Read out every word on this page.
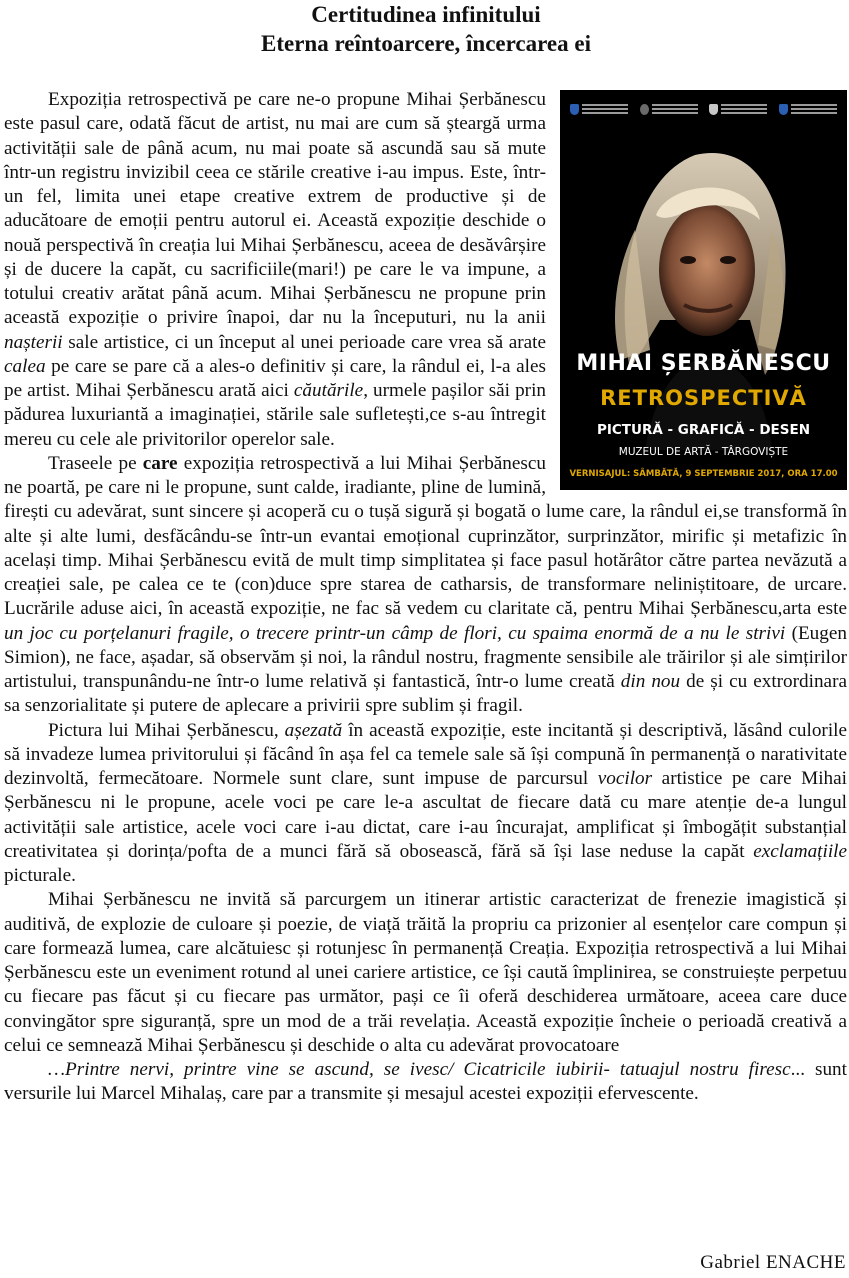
Certitudinea infinitului
Eterna reîntoarcere, încercarea ei
MIHAI ȘERBĂNESCU
RETROSPECTIVĂ
PICTURĂ - GRAFICĂ - DESEN
MUZEUL DE ARTĂ - TÂRGOVIȘTE
VERNISAJUL: SÂMBĂTĂ, 9 SEPTEMBRIE 2017, ORA 17.00

Expoziția retrospectivă pe care ne-o propune Mihai Șerbănescu este pasul care, odată făcut de artist, nu mai are cum să șteargă urma activității sale de până acum, nu mai poate să ascundă sau să mute într-un registru invizibil ceea ce stările creative i-au impus. Este, într-un fel, limita unei etape creative extrem de productive și de aducătoare de emoții pentru autorul ei. Această expoziție deschide o nouă perspectivă în creația lui Mihai Șerbănescu, aceea de desăvârșire și de ducere la capăt, cu sacrificiile(mari!) pe care le va impune, a totului creativ arătat până acum. Mihai Șerbănescu ne propune prin această expoziție o privire înapoi, dar nu la începuturi, nu la anii nașterii sale artistice, ci un început al unei perioade care vrea să arate calea pe care se pare că a ales-o definitiv și care, la rândul ei, l-a ales pe artist. Mihai Șerbănescu arată aici căutările, urmele pașilor săi prin pădurea luxuriantă a imaginației, stările sale sufletești,ce s-au întregit mereu cu cele ale privitorilor operelor sale.

Traseele pe care expoziția retrospectivă a lui Mihai Șerbănescu ne poartă, pe care ni le propune, sunt calde, iradiante, pline de lumină, firești cu adevărat, sunt sincere și acoperă cu o tușă sigură și bogată o lume care, la rândul ei,se transformă în alte și alte lumi, desfăcându-se într-un evantai emoțional cuprinzător, surprinzător, mirific și metafizic în același timp. Mihai Șerbănescu evită de mult timp simplitatea și face pasul hotărâtor către partea nevăzută a creației sale, pe calea ce te (con)duce spre starea de catharsis, de transformare neliniștitoare, de urcare. Lucrările aduse aici, în această expoziție, ne fac să vedem cu claritate că, pentru Mihai Șerbănescu,arta este un joc cu porțelanuri fragile, o trecere printr-un câmp de flori, cu spaima enormă de a nu le strivi (Eugen Simion), ne face, așadar, să observăm și noi, la rândul nostru, fragmente sensibile ale trăirilor și ale simțirilor artistului, transpunându-ne într-o lume relativă și fantastică, într-o lume creată din nou de și cu extrordinara sa senzorialitate și putere de aplecare a privirii spre sublim și fragil.

Pictura lui Mihai Șerbănescu, așezată în această expoziție, este incitantă și descriptivă, lăsând culorile să invadeze lumea privitorului și făcând în așa fel ca temele sale să își compună în permanență o narativitate dezinvoltă, fermecătoare. Normele sunt clare, sunt impuse de parcursul vocilor artistice pe care Mihai Șerbănescu ni le propune, acele voci pe care le-a ascultat de fiecare dată cu mare atenție de-a lungul activității sale artistice, acele voci care i-au dictat, care i-au încurajat, amplificat și îmbogățit substanțial creativitatea și dorința/pofta de a munci fără să obosească, fără să își lase neduse la capăt exclamațiile picturale.

Mihai Șerbănescu ne invită să parcurgem un itinerar artistic caracterizat de frenezie imagistică și auditivă, de explozie de culoare și poezie, de viață trăită la propriu ca prizonier al esențelor care compun și care formează lumea, care alcătuiesc și rotunjesc în permanență Creația. Expoziția retrospectivă a lui Mihai Șerbănescu este un eveniment rotund al unei cariere artistice, ce își caută împlinirea, se construiește perpetuu cu fiecare pas făcut și cu fiecare pas următor, pași ce îi oferă deschiderea următoare, aceea care duce convingător spre siguranță, spre un mod de a trăi revelația. Această expoziție încheie o perioadă creativă a celui ce semnează Mihai Șerbănescu și deschide o alta cu adevărat provocatoare

…Printre nervi, printre vine se ascund, se ivesc/ Cicatricile iubirii- tatuajul nostru firesc... sunt versurile lui Marcel Mihalaș, care par a transmite și mesajul acestei expoziții efervescente.

Gabriel ENACHE
